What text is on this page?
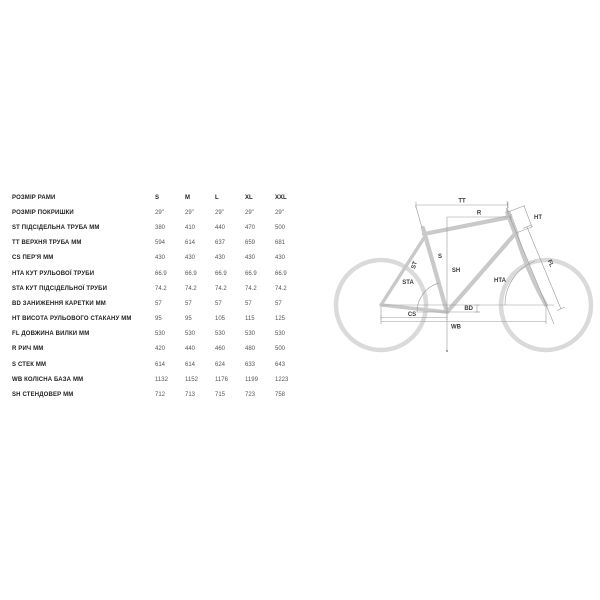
РОЗМІР РАМИ	S	M	L	XL	XXL
РОЗМІР ПОКРИШКИ	29"	29"	29"	29"	29"
ST ПІДСІДЕЛЬНА ТРУБА ММ	380	410	440	470	500
TT ВЕРХНЯ ТРУБА ММ	594	614	637	659	681
CS ПЕР'Я ММ	430	430	430	430	430
HTA КУТ РУЛЬОВОЇ ТРУБИ	66.9	66.9	66.9	66.9	66.9
STA КУТ ПІДСІДЕЛЬНОЇ ТРУБИ	74.2	74.2	74.2	74.2	74.2
BD ЗАНИЖЕННЯ КАРЕТКИ ММ	57	57	57	57	57
HT ВИСОТА РУЛЬОВОГО СТАКАНУ ММ	95	95	105	115	125
FL ДОВЖИНА ВИЛКИ ММ	530	530	530	530	530
R РИЧ ММ	420	440	460	480	500
S СТЕК ММ	614	614	624	633	643
WB КОЛІСНА БАЗА ММ	1132	1152	1176	1199	1223
SH СТЕНДОВЕР ММ	712	713	715	723	758
TT
R
HT
ST
S
SH
FL
STA	HTA
BD
CS
WB
